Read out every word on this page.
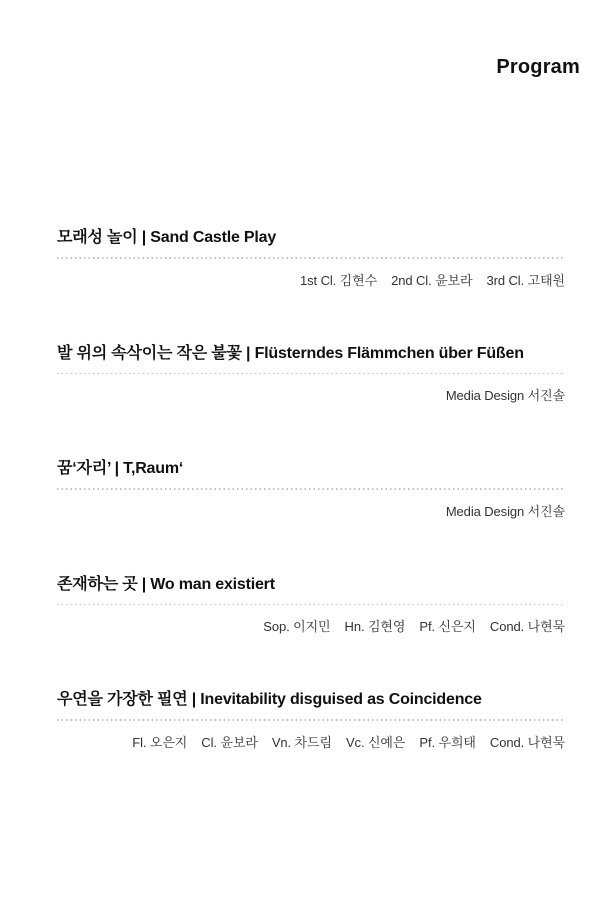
Program
모래성 놀이 | Sand Castle Play
1st Cl. 김현수    2nd Cl. 윤보라    3rd Cl. 고태원
발 위의 속삭이는 작은 불꽃 | Flüsterndes Flämmchen über Füßen
Media Design 서진솔
꿈‘자리’ | T,Raum‘
Media Design 서진솔
존재하는 곳 | Wo man existiert
Sop. 이지민    Hn. 김현영    Pf. 신은지    Cond. 나현묵
우연을 가장한 필연 | Inevitability disguised as Coincidence
Fl. 오은지    Cl. 윤보라    Vn. 차드림    Vc. 신예은    Pf. 우희태    Cond. 나현묵
